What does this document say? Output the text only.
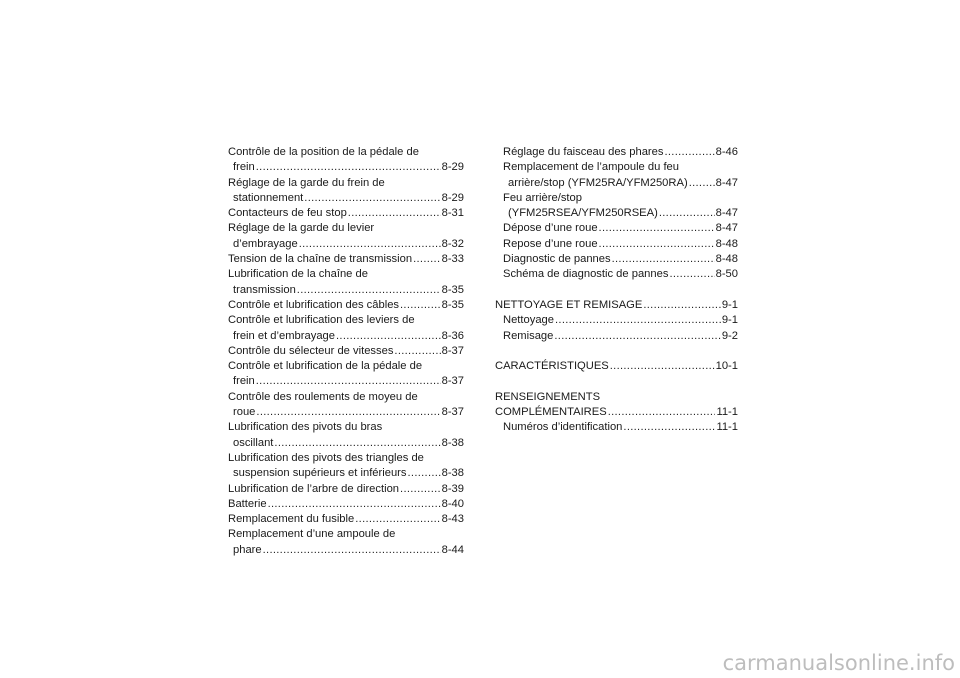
Contrôle de la position de la pédale de
frein .....	8-29
Réglage de la garde du frein de
stationnement .....	8-29
Contacteurs de feu stop .....	8-31
Réglage de la garde du levier
d’embrayage .....	8-32
Tension de la chaîne de transmission .....	8-33
Lubrification de la chaîne de
transmission .....	8-35
Contrôle et lubrification des câbles .....	8-35
Contrôle et lubrification des leviers de
frein et d’embrayage .....	8-36
Contrôle du sélecteur de vitesses .....	8-37
Contrôle et lubrification de la pédale de
frein .....	8-37
Contrôle des roulements de moyeu de
roue .....	8-37
Lubrification des pivots du bras
oscillant .....	8-38
Lubrification des pivots des triangles de
suspension supérieurs et inférieurs .....	8-38
Lubrification de l’arbre de direction .....	8-39
Batterie .....	8-40
Remplacement du fusible .....	8-43
Remplacement d’une ampoule de
phare .....	8-44
Réglage du faisceau des phares .....	8-46
Remplacement de l’ampoule du feu
arrière/stop (YFM25RA/YFM250RA) ..... 8-47
Feu arrière/stop
(YFM25RSEA/YFM250RSEA) .....	8-47
Dépose d’une roue .....	8-47
Repose d’une roue .....	8-48
Diagnostic de pannes .....	8-48
Schéma de diagnostic de pannes .....	8-50
NETTOYAGE ET REMISAGE .....	9-1
Nettoyage .....	9-1
Remisage .....	9-2
CARACTÉRISTIQUES .....	10-1
RENSEIGNEMENTS
COMPLÉMENTAIRES .....	11-1
Numéros d’identification .....	11-1
carmanualsonline.info
